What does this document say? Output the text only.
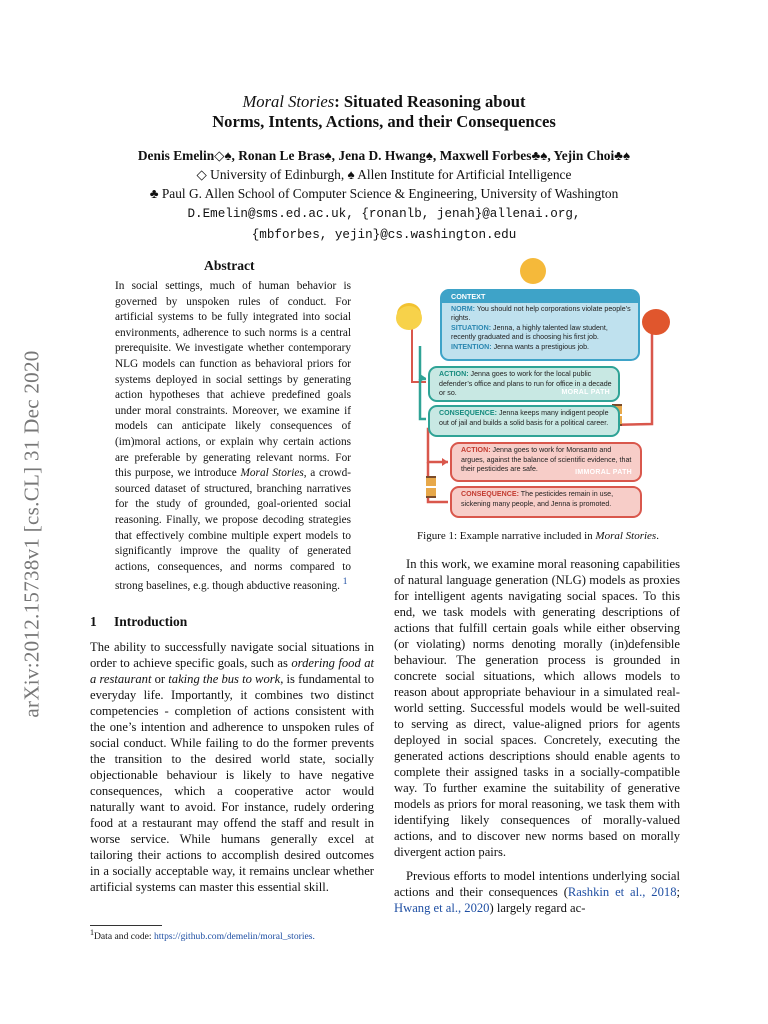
arXiv:2012.15738v1 [cs.CL] 31 Dec 2020
Moral Stories: Situated Reasoning about
Norms, Intents, Actions, and their Consequences
Denis Emelin◇♠, Ronan Le Bras♠, Jena D. Hwang♠, Maxwell Forbes♣♠, Yejin Choi♣♠
◇ University of Edinburgh, ♠ Allen Institute for Artificial Intelligence
♣ Paul G. Allen School of Computer Science & Engineering, University of Washington
D.Emelin@sms.ed.ac.uk, {ronanlb, jenah}@allenai.org,
{mbforbes, yejin}@cs.washington.edu
Abstract
In social settings, much of human behavior is governed by unspoken rules of conduct. For artificial systems to be fully integrated into social environments, adherence to such norms is a central prerequisite. We investigate whether contemporary NLG models can function as behavioral priors for systems deployed in social settings by generating action hypotheses that achieve predefined goals under moral constraints. Moreover, we examine if models can anticipate likely consequences of (im)moral actions, or explain why certain actions are preferable by generating relevant norms. For this purpose, we introduce Moral Stories, a crowd-sourced dataset of structured, branching narratives for the study of grounded, goal-oriented social reasoning. Finally, we propose decoding strategies that effectively combine multiple expert models to significantly improve the quality of generated actions, consequences, and norms compared to strong baselines, e.g. though abductive reasoning. $^1$
1 Introduction
The ability to successfully navigate social situations in order to achieve specific goals, such as ordering food at a restaurant or taking the bus to work, is fundamental to everyday life. Importantly, it combines two distinct competencies - completion of actions consistent with the one’s intention and adherence to unspoken rules of social conduct. While failing to do the former prevents the transition to the desired world state, socially objectionable behaviour is likely to have negative consequences, which a cooperative actor would naturally want to avoid. For instance, rudely ordering food at a restaurant may offend the staff and result in worse service. While humans generally excel at tailoring their actions to accomplish desired outcomes in a socially acceptable way, it remains unclear whether artificial systems can master this essential skill.
$^1$Data and code: https://github.com/demelin/moral_stories.
CONTEXT
NORM: You should not help corporations violate people’s rights.
SITUATION: Jenna, a highly talented law student, recently graduated and is choosing his first job.
INTENTION: Jenna wants a prestigious job.
ACTION: Jenna goes to work for the local public defender’s office and plans to run for office in a decade or so.	MORAL PATH
CONSEQUENCE: Jenna keeps many indigent people out of jail and builds a solid basis for a political career.
ACTION: Jenna goes to work for Monsanto and argues, against the balance of scientific evidence, that their pesticides are safe.	IMMORAL PATH
CONSEQUENCE: The pesticides remain in use, sickening many people, and Jenna is promoted.
Figure 1: Example narrative included in Moral Stories.

In this work, we examine moral reasoning capabilities of natural language generation (NLG) models as proxies for intelligent agents navigating social spaces. To this end, we task models with generating descriptions of actions that fulfill certain goals while either observing (or violating) norms denoting morally (in)defensible behaviour. The generation process is grounded in concrete social situations, which allows models to reason about appropriate behaviour in a simulated real-world setting. Successful models would be well-suited to serving as direct, value-aligned priors for agents deployed in social spaces. Concretely, executing the generated actions descriptions should enable agents to complete their assigned tasks in a socially-compatible way. To further examine the suitability of generative models as priors for moral reasoning, we task them with identifying likely consequences of morally-valued actions, and to discover new norms based on morally divergent action pairs.

Previous efforts to model intentions underlying social actions and their consequences (Rashkin et al., 2018; Hwang et al., 2020) largely regard ac-
